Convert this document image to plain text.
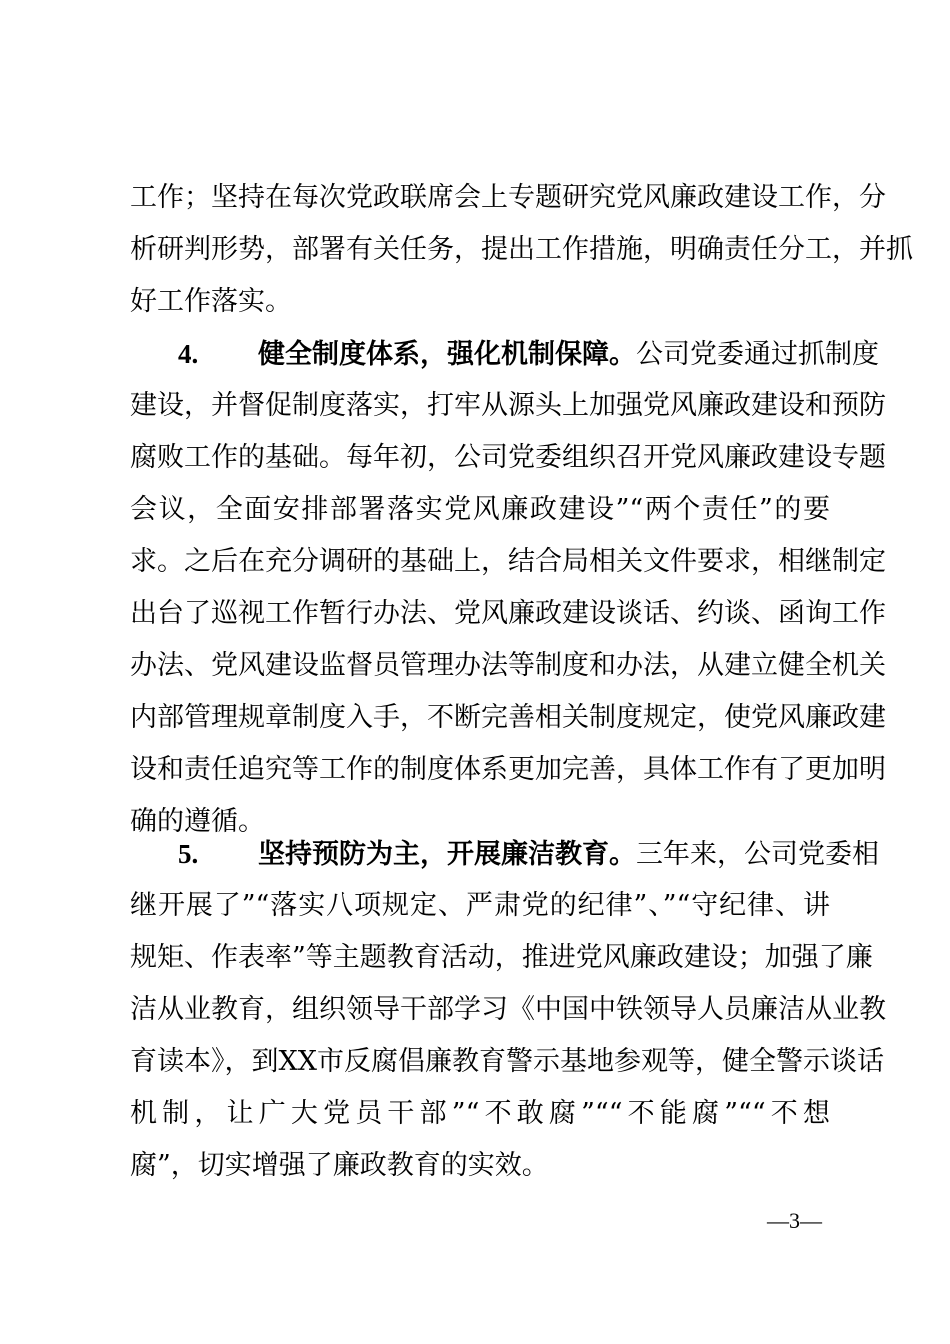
工作；坚持在每次党政联席会上专题研究党风廉政建设工作，分
析研判形势，部署有关任务，提出工作措施，明确责任分工，并抓
好工作落实。
4. 健全制度体系，强化机制保障。公司党委通过抓制度
建设，并督促制度落实，打牢从源头上加强党风廉政建设和预防
腐败工作的基础。每年初，公司党委组织召开党风廉政建设专题
会议，全面安排部署落实党风廉政建设”“两个责任”的要
求。之后在充分调研的基础上，结合局相关文件要求，相继制定
出台了巡视工作暂行办法、党风廉政建设谈话、约谈、函询工作
办法、党风建设监督员管理办法等制度和办法，从建立健全机关
内部管理规章制度入手，不断完善相关制度规定，使党风廉政建
设和责任追究等工作的制度体系更加完善，具体工作有了更加明
确的遵循。
5. 坚持预防为主，开展廉洁教育。三年来，公司党委相
继开展了”“落实八项规定、严肃党的纪律”、”“守纪律、讲
规矩、作表率”等主题教育活动，推进党风廉政建设；加强了廉
洁从业教育，组织领导干部学习《中国中铁领导人员廉洁从业教
育读本》，到XX市反腐倡廉教育警示基地参观等，健全警示谈话
机制，让广大党员干部”“不敢腐”““不能腐”““不想
腐”，切实增强了廉政教育的实效。
—3—
